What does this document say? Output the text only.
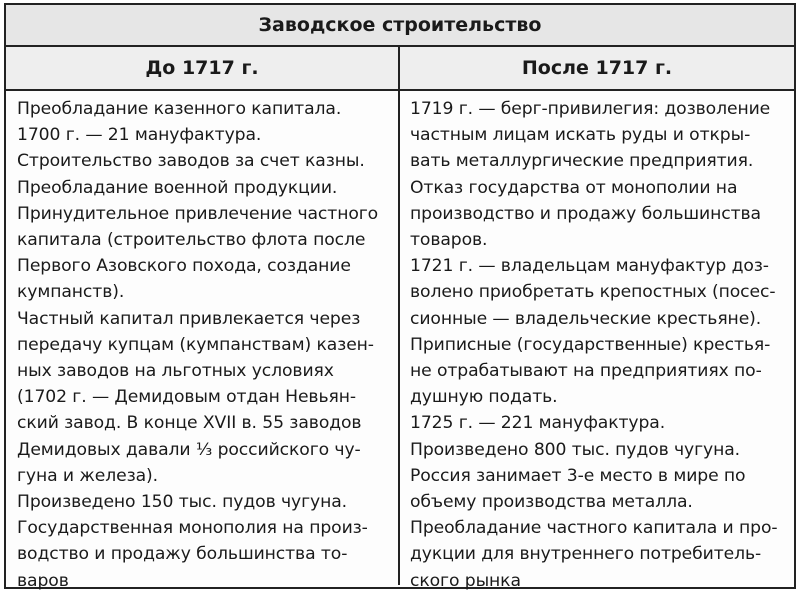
Заводское строительство
До 1717 г.	После 1717 г.
Преобладание казенного капитала.
1700 г. — 21 мануфактура.
Строительство заводов за счет казны.
Преобладание военной продукции.
Принудительное привлечение частного
капитала (строительство флота после
Первого Азовского похода, создание
кумпанств).
Частный капитал привлекается через
передачу купцам (кумпанствам) казен-
ных заводов на льготных условиях
(1702 г. — Демидовым отдан Невьян-
ский завод. В конце XVII в. 55 заводов
Демидовых давали ¹⁄₃ российского чу-
гуна и железа).
Произведено 150 тыс. пудов чугуна.
Государственная монополия на произ-
водство и продажу большинства то-
варов
1719 г. — берг-привилегия: дозволение
частным лицам искать руды и откры-
вать металлургические предприятия.
Отказ государства от монополии на
производство и продажу большинства
товаров.
1721 г. — владельцам мануфактур доз-
волено приобретать крепостных (посес-
сионные — владельческие крестьяне).
Приписные (государственные) крестья-
не отрабатывают на предприятиях по-
душную подать.
1725 г. — 221 мануфактура.
Произведено 800 тыс. пудов чугуна.
Россия занимает 3-е место в мире по
объему производства металла.
Преобладание частного капитала и про-
дукции для внутреннего потребитель-
ского рынка
